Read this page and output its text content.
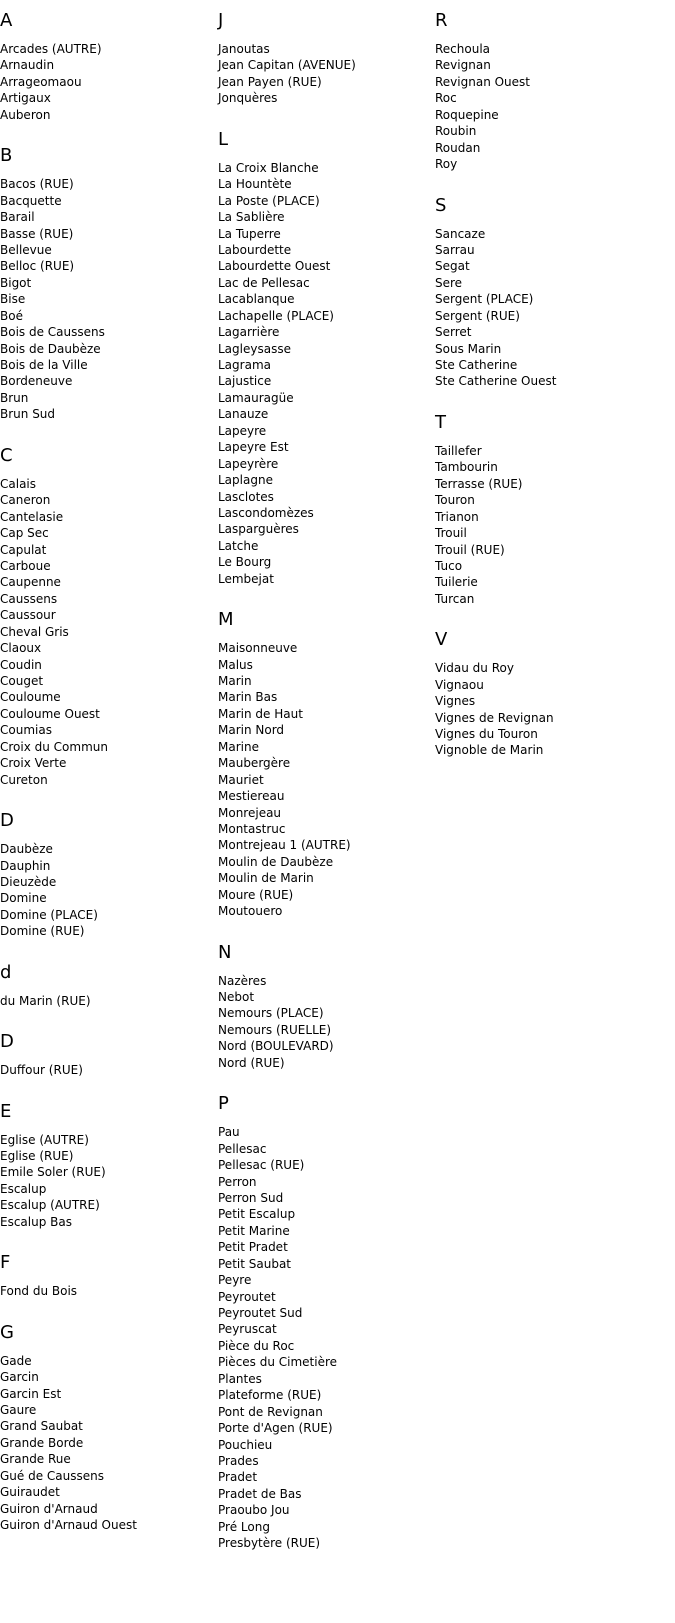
A
Arcades (AUTRE)
Arnaudin
Arrageomaou
Artigaux
Auberon
B
Bacos (RUE)
Bacquette
Barail
Basse (RUE)
Bellevue
Belloc (RUE)
Bigot
Bise
Boé
Bois de Caussens
Bois de Daubèze
Bois de la Ville
Bordeneuve
Brun
Brun Sud
C
Calais
Caneron
Cantelasie
Cap Sec
Capulat
Carboue
Caupenne
Caussens
Caussour
Cheval Gris
Claoux
Coudin
Couget
Couloume
Couloume Ouest
Coumias
Croix du Commun
Croix Verte
Cureton
D
Daubèze
Dauphin
Dieuzède
Domine
Domine (PLACE)
Domine (RUE)
d
du Marin (RUE)
D
Duffour (RUE)
E
Eglise (AUTRE)
Eglise (RUE)
Emile Soler (RUE)
Escalup
Escalup (AUTRE)
Escalup Bas
F
Fond du Bois
G
Gade
Garcin
Garcin Est
Gaure
Grand Saubat
Grande Borde
Grande Rue
Gué de Caussens
Guiraudet
Guiron d'Arnaud
Guiron d'Arnaud Ouest
J
Janoutas
Jean Capitan (AVENUE)
Jean Payen (RUE)
Jonquères
L
La Croix Blanche
La Hountète
La Poste (PLACE)
La Sablière
La Tuperre
Labourdette
Labourdette Ouest
Lac de Pellesac
Lacablanque
Lachapelle (PLACE)
Lagarrière
Lagleysasse
Lagrama
Lajustice
Lamauragüe
Lanauze
Lapeyre
Lapeyre Est
Lapeyrère
Laplagne
Lasclotes
Lascondomèzes
Lasparguères
Latche
Le Bourg
Lembejat
M
Maisonneuve
Malus
Marin
Marin Bas
Marin de Haut
Marin Nord
Marine
Maubergère
Mauriet
Mestiereau
Monrejeau
Montastruc
Montrejeau 1 (AUTRE)
Moulin de Daubèze
Moulin de Marin
Moure (RUE)
Moutouero
N
Nazères
Nebot
Nemours (PLACE)
Nemours (RUELLE)
Nord (BOULEVARD)
Nord (RUE)
P
Pau
Pellesac
Pellesac (RUE)
Perron
Perron Sud
Petit Escalup
Petit Marine
Petit Pradet
Petit Saubat
Peyre
Peyroutet
Peyroutet Sud
Peyruscat
Pièce du Roc
Pièces du Cimetière
Plantes
Plateforme (RUE)
Pont de Revignan
Porte d'Agen (RUE)
Pouchieu
Prades
Pradet
Pradet de Bas
Praoubo Jou
Pré Long
Presbytère (RUE)
R
Rechoula
Revignan
Revignan Ouest
Roc
Roquepine
Roubin
Roudan
Roy
S
Sancaze
Sarrau
Segat
Sere
Sergent (PLACE)
Sergent (RUE)
Serret
Sous Marin
Ste Catherine
Ste Catherine Ouest
T
Taillefer
Tambourin
Terrasse (RUE)
Touron
Trianon
Trouil
Trouil (RUE)
Tuco
Tuilerie
Turcan
V
Vidau du Roy
Vignaou
Vignes
Vignes de Revignan
Vignes du Touron
Vignoble de Marin
